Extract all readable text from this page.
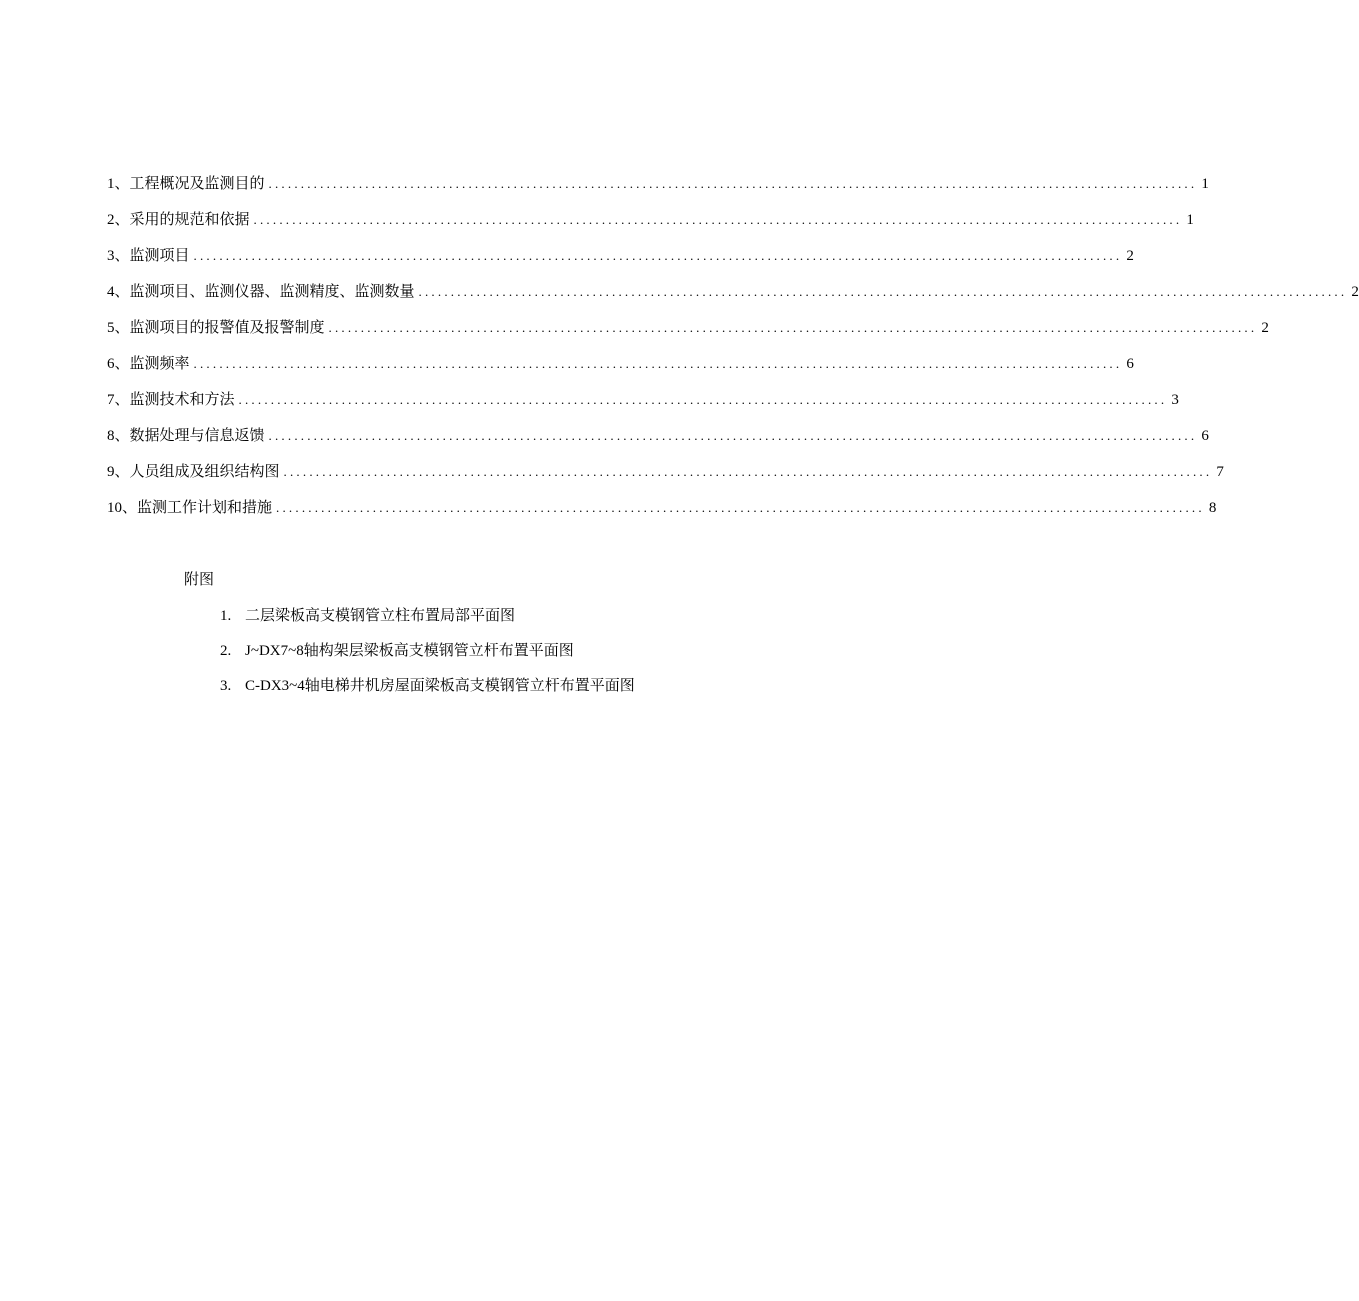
1、 工程概况及监测目的 ................................................................................................................................................ 1
2、 采用的规范和依据 ................................................................................................................................................ 1
3、 监测项目 ................................................................................................................................................ 2
4、 监测项目、监测仪器、监测精度、监测数量 ................................................................................................................................................ 2
5、 监测项目的报警值及报警制度 ................................................................................................................................................ 2
6、 监测频率 ................................................................................................................................................ 6
7、 监测技术和方法 ................................................................................................................................................ 3
8、 数据处理与信息返馈 ................................................................................................................................................ 6
9、 人员组成及组织结构图 ................................................................................................................................................ 7
10、 监测工作计划和措施 ................................................................................................................................................ 8
附图
1. 二层梁板高支模钢管立柱布置局部平面图
2. J~DX7~8轴构架层梁板高支模钢管立杆布置平面图
3. C-DX3~4轴电梯井机房屋面梁板高支模钢管立杆布置平面图
